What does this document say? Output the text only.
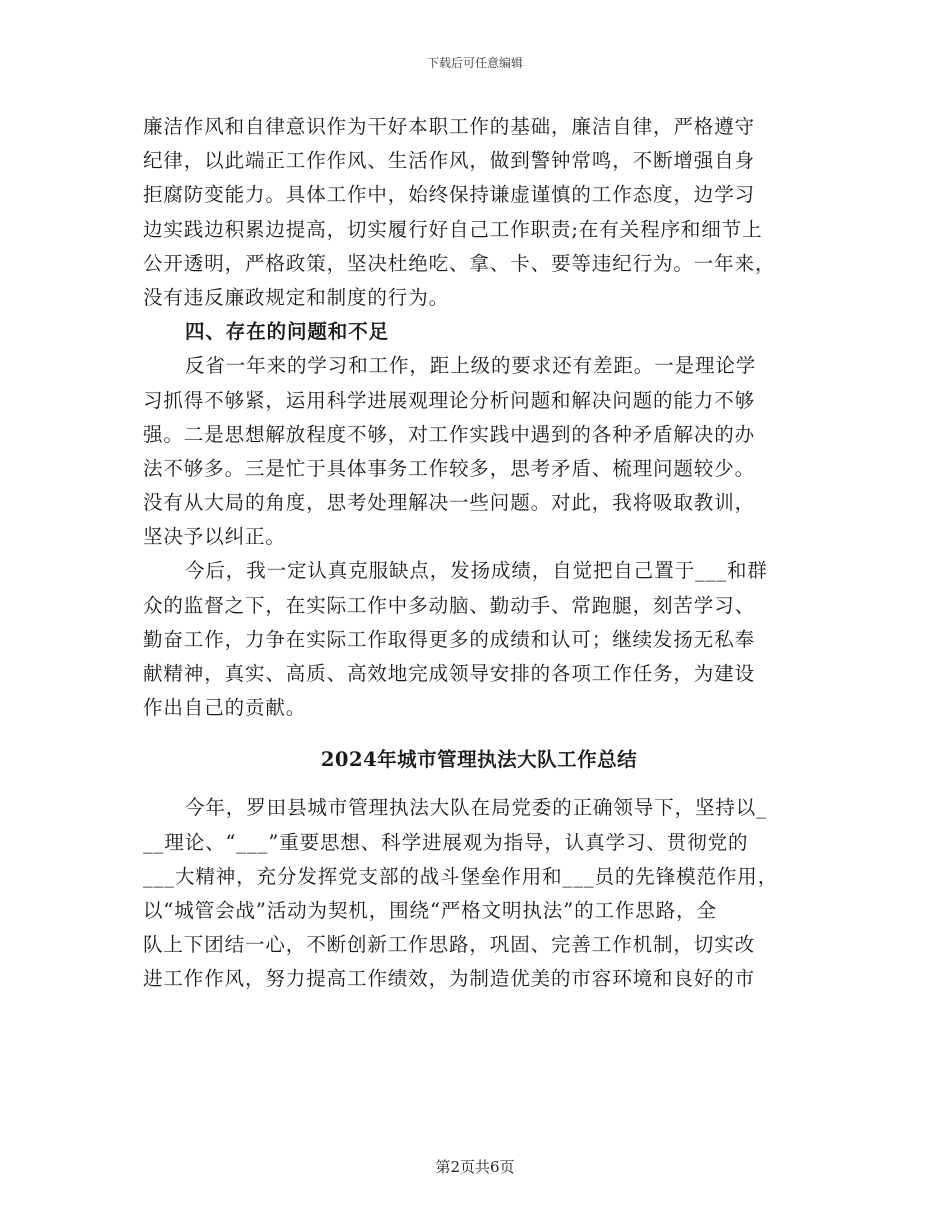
下载后可任意编辑
廉洁作风和自律意识作为干好本职工作的基础，廉洁自律，严格遵守
纪律，以此端正工作作风、生活作风，做到警钟常鸣，不断增强自身
拒腐防变能力。具体工作中，始终保持谦虚谨慎的工作态度，边学习
边实践边积累边提高，切实履行好自己工作职责;在有关程序和细节上
公开透明，严格政策，坚决杜绝吃、拿、卡、要等违纪行为。一年来，
没有违反廉政规定和制度的行为。
四、存在的问题和不足
反省一年来的学习和工作，距上级的要求还有差距。一是理论学
习抓得不够紧，运用科学进展观理论分析问题和解决问题的能力不够
强。二是思想解放程度不够，对工作实践中遇到的各种矛盾解决的办
法不够多。三是忙于具体事务工作较多，思考矛盾、梳理问题较少。
没有从大局的角度，思考处理解决一些问题。对此，我将吸取教训，
坚决予以纠正。
今后，我一定认真克服缺点，发扬成绩，自觉把自己置于___和群
众的监督之下，在实际工作中多动脑、勤动手、常跑腿，刻苦学习、
勤奋工作，力争在实际工作取得更多的成绩和认可；继续发扬无私奉
献精神，真实、高质、高效地完成领导安排的各项工作任务，为建设
作出自己的贡献。
2024年城市管理执法大队工作总结
今年，罗田县城市管理执法大队在局党委的正确领导下，坚持以_
__理论、“___”重要思想、科学进展观为指导，认真学习、贯彻党的
___大精神，充分发挥党支部的战斗堡垒作用和___员的先锋模范作用，
以“城管会战”活动为契机，围绕“严格文明执法”的工作思路，全
队上下团结一心，不断创新工作思路，巩固、完善工作机制，切实改
进工作作风，努力提高工作绩效，为制造优美的市容环境和良好的市
第2页共6页
